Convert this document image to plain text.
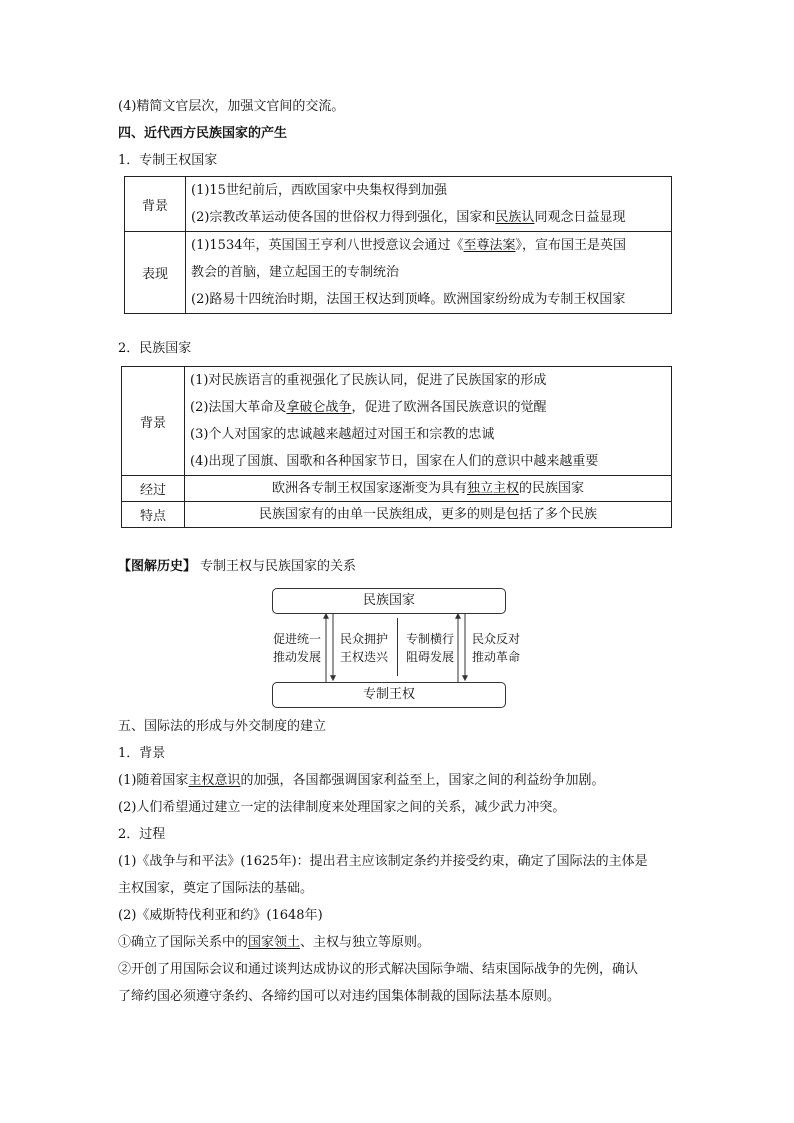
(4)精简文官层次，加强文官间的交流。
四、近代西方民族国家的产生
1．专制王权国家
背景	(1)15世纪前后，西欧国家中央集权得到加强
(2)宗教改革运动使各国的世俗权力得到强化，国家和民族认同观念日益显现

表现	(1)1534年，英国国王亨利八世授意议会通过《至尊法案》，宣布国王是英国
教会的首脑，建立起国王的专制统治
(2)路易十四统治时期，法国王权达到顶峰。欧洲国家纷纷成为专制王权国家
2．民族国家
背景	(1)对民族语言的重视强化了民族认同，促进了民族国家的形成
(2)法国大革命及拿破仑战争，促进了欧洲各国民族意识的觉醒
(3)个人对国家的忠诚越来越超过对国王和宗教的忠诚
(4)出现了国旗、国歌和各种国家节日，国家在人们的意识中越来越重要

经过	欧洲各专制王权国家逐渐变为具有独立主权的民族国家
特点	民族国家有的由单一民族组成，更多的则是包括了多个民族
【图解历史】 专制王权与民族国家的关系
民族国家
专制王权
促进统一
推动发展
民众拥护
王权迭兴
专制横行
阻碍发展
民众反对
推动革命
五、国际法的形成与外交制度的建立
1．背景
(1)随着国家主权意识的加强，各国都强调国家利益至上，国家之间的利益纷争加剧。
(2)人们希望通过建立一定的法律制度来处理国家之间的关系，减少武力冲突。
2．过程
(1)《战争与和平法》(1625年)：提出君主应该制定条约并接受约束，确定了国际法的主体是
主权国家，奠定了国际法的基础。
(2)《威斯特伐利亚和约》(1648年)
①确立了国际关系中的国家领土、主权与独立等原则。
②开创了用国际会议和通过谈判达成协议的形式解决国际争端、结束国际战争的先例，确认
了缔约国必须遵守条约、各缔约国可以对违约国集体制裁的国际法基本原则。
